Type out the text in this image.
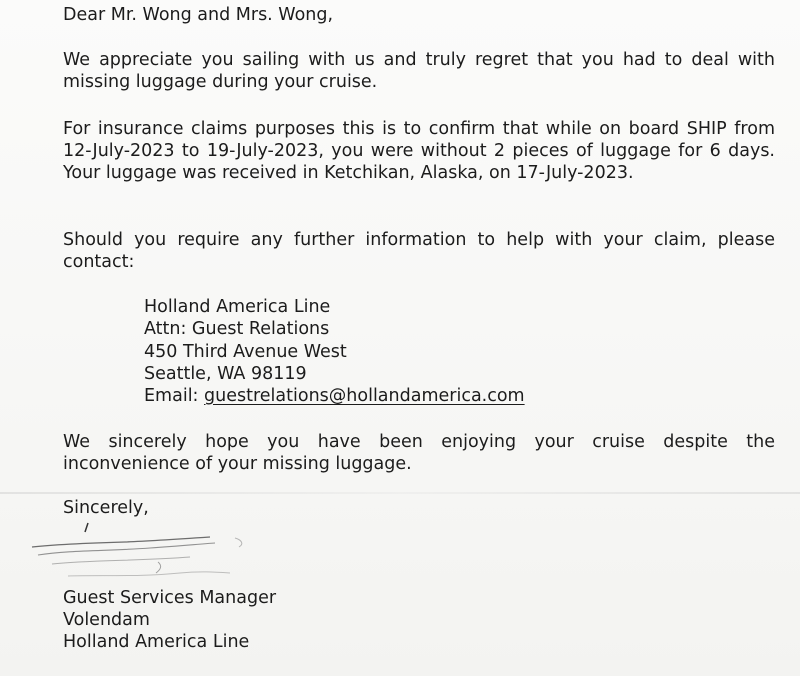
Dear Mr. Wong and Mrs. Wong,
We appreciate you sailing with us and truly regret that you had to deal with missing luggage during your cruise.
For insurance claims purposes this is to confirm that while on board SHIP from 12-July-2023 to 19-July-2023, you were without 2 pieces of luggage for 6 days. Your luggage was received in Ketchikan, Alaska, on 17-July-2023.
Should you require any further information to help with your claim, please contact:
Holland America Line
Attn: Guest Relations
450 Third Avenue West
Seattle, WA 98119
Email: guestrelations@hollandamerica.com
We sincerely hope you have been enjoying your cruise despite the inconvenience of your missing luggage.
Sincerely,
Guest Services Manager
Volendam
Holland America Line
